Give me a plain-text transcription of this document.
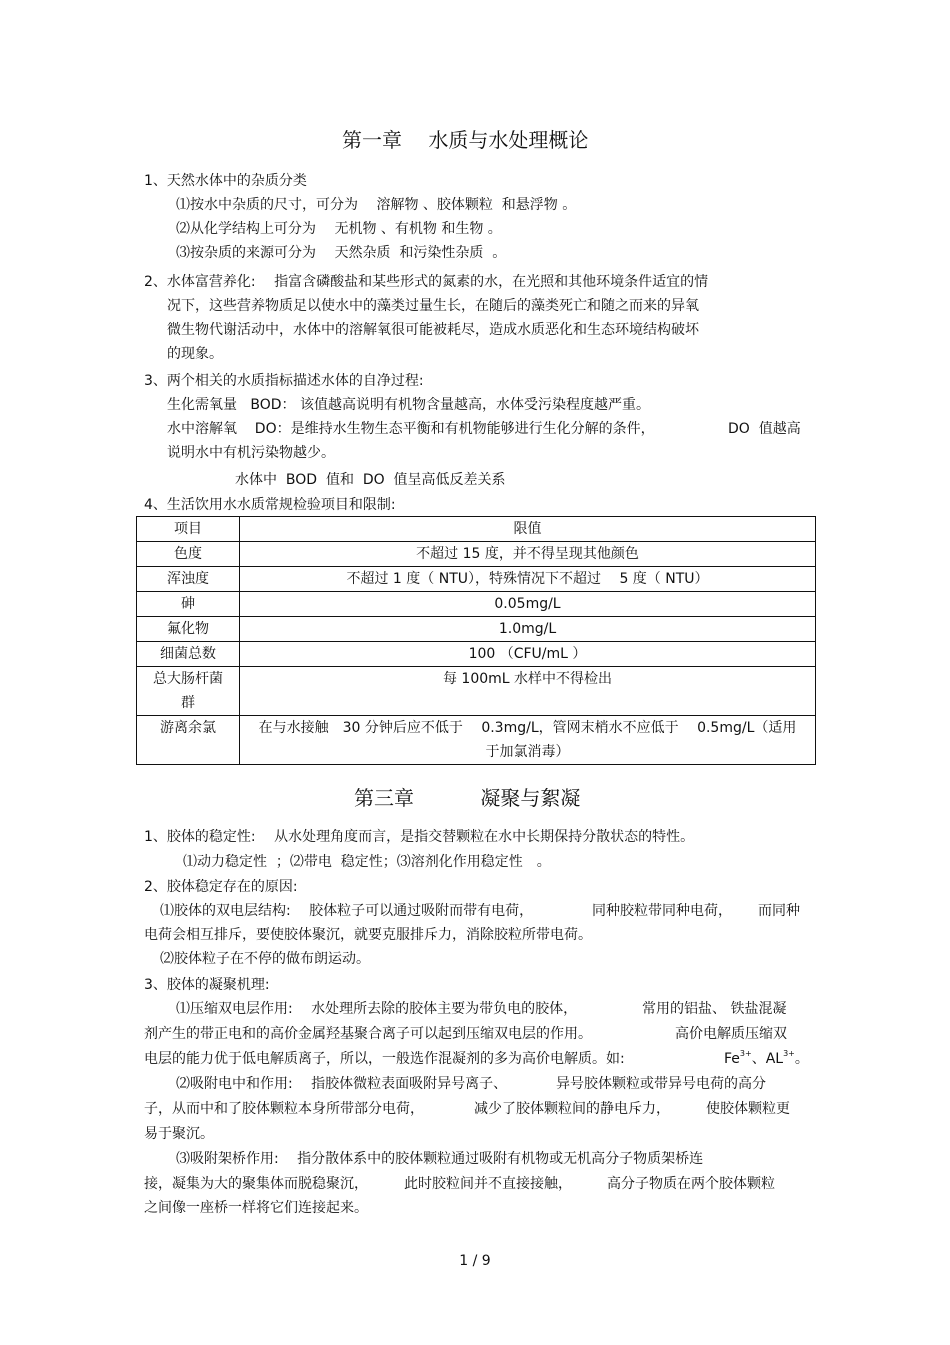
第一章　 水质与水处理概论
1、天然水体中的杂质分类
⑴按水中杂质的尺寸，可分为　 溶解物 、胶体颗粒  和悬浮物 。
⑵从化学结构上可分为　 无机物 、有机物 和生物 。
⑶按杂质的来源可分为　 天然杂质  和污染性杂质  。
2、水体富营养化:　 指富含磷酸盐和某些形式的氮素的水，在光照和其他环境条件适宜的情
况下，这些营养物质足以使水中的藻类过量生长，在随后的藻类死亡和随之而来的异氧
微生物代谢活动中，水体中的溶解氧很可能被耗尽，造成水质恶化和生态环境结构破坏
的现象。
3、两个相关的水质指标描述水体的自净过程:
生化需氧量   BOD： 该值越高说明有机物含量越高，水体受污染程度越严重。
水中溶解氧    DO：是维持水生物生态平衡和有机物能够进行生化分解的条件，	DO  值越高
说明水中有机污染物越少。
水体中  BOD  值和  DO  值呈高低反差关系
4、生活饮用水水质常规检验项目和限制:
项目	限值
色度	不超过 15 度，并不得呈现其他颜色
浑浊度	不超过 1 度（ NTU），特殊情况下不超过　 5 度（ NTU）
砷	0.05mg/L
氟化物	1.0mg/L
细菌总数	100 （CFU/mL ）

总大肠杆菌
群	每 100mL 水样中不得检出
游离余氯	在与水接触　30 分钟后应不低于　 0.3mg/L，管网末梢水不应低于　 0.5mg/L（适用
于加氯消毒）
第三章　　　 凝聚与絮凝
1、胶体的稳定性:　 从水处理角度而言，是指交替颗粒在水中长期保持分散状态的特性。
⑴动力稳定性  ；⑵带电  稳定性；⑶溶剂化作用稳定性　。
2、胶体稳定存在的原因:
⑴胶体的双电层结构:　 胶体粒子可以通过吸附而带有电荷，	同种胶粒带同种电荷， 而同种
电荷会相互排斥，要使胶体聚沉，就要克服排斥力，消除胶粒所带电荷。
⑵胶体粒子在不停的做布朗运动。
3、胶体的凝聚机理:
⑴压缩双电层作用:　 水处理所去除的胶体主要为带负电的胶体，	常用的铝盐、 铁盐混凝
剂产生的带正电和的高价金属羟基聚合离子可以起到压缩双电层的作用。	高价电解质压缩双
电层的能力优于低电解质离子，所以，一般选作混凝剂的多为高价电解质。如:	$Fe^{3+}$、$AL^{3+}$。
⑵吸附电中和作用:　 指胶体微粒表面吸附异号离子、	异号胶体颗粒或带异号电荷的高分
子，从而中和了胶体颗粒本身所带部分电荷，	减少了胶体颗粒间的静电斥力，	使胶体颗粒更
易于聚沉。
⑶吸附架桥作用:　 指分散体系中的胶体颗粒通过吸附有机物或无机高分子物质架桥连
接，凝集为大的聚集体而脱稳聚沉，	此时胶粒间并不直接接触，	高分子物质在两个胶体颗粒
之间像一座桥一样将它们连接起来。
1 / 9
